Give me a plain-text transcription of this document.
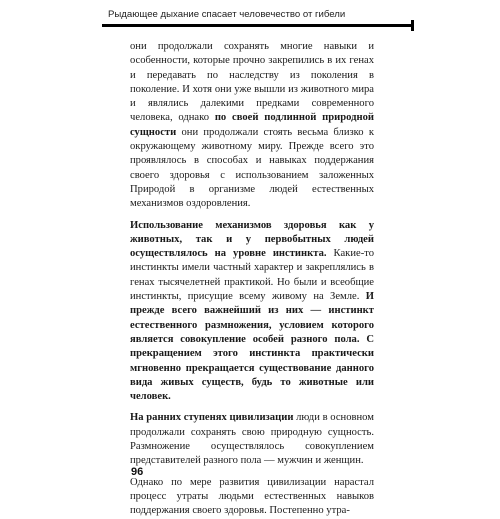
Рыдающее дыхание спасает человечество от гибели

они продолжали сохранять многие навыки и особенности, которые прочно закрепились в их генах и передавать по наследству из поколения в поколение. И хотя они уже вышли из животного мира и являлись далекими предками современного человека, однако по своей подлинной природной сущности они продолжали стоять весьма близко к окружающему животному миру. Прежде всего это проявлялось в способах и навыках поддержания своего здоровья с использованием заложенных Природой в организме людей естественных механизмов оздоровления.

Использование механизмов здоровья как у животных, так и у первобытных людей осуществлялось на уровне инстинкта. Какие-то инстинкты имели частный характер и закреплялись в генах тысячелетней практикой. Но были и всеобщие инстинкты, присущие всему живому на Земле. И прежде всего важнейший из них — инстинкт естественного размножения, условием которого является совокупление особей разного пола. С прекращением этого инстинкта практически мгновенно прекращается существование данного вида живых существ, будь то животные или человек.

На ранних ступенях цивилизации люди в основном продолжали сохранять свою природную сущность. Размножение осуществлялось совокуплением представителей разного пола — мужчин и женщин.

Однако по мере развития цивилизации нарастал процесс утраты людьми естественных навыков поддержания своего здоровья. Постепенно утра-

96
